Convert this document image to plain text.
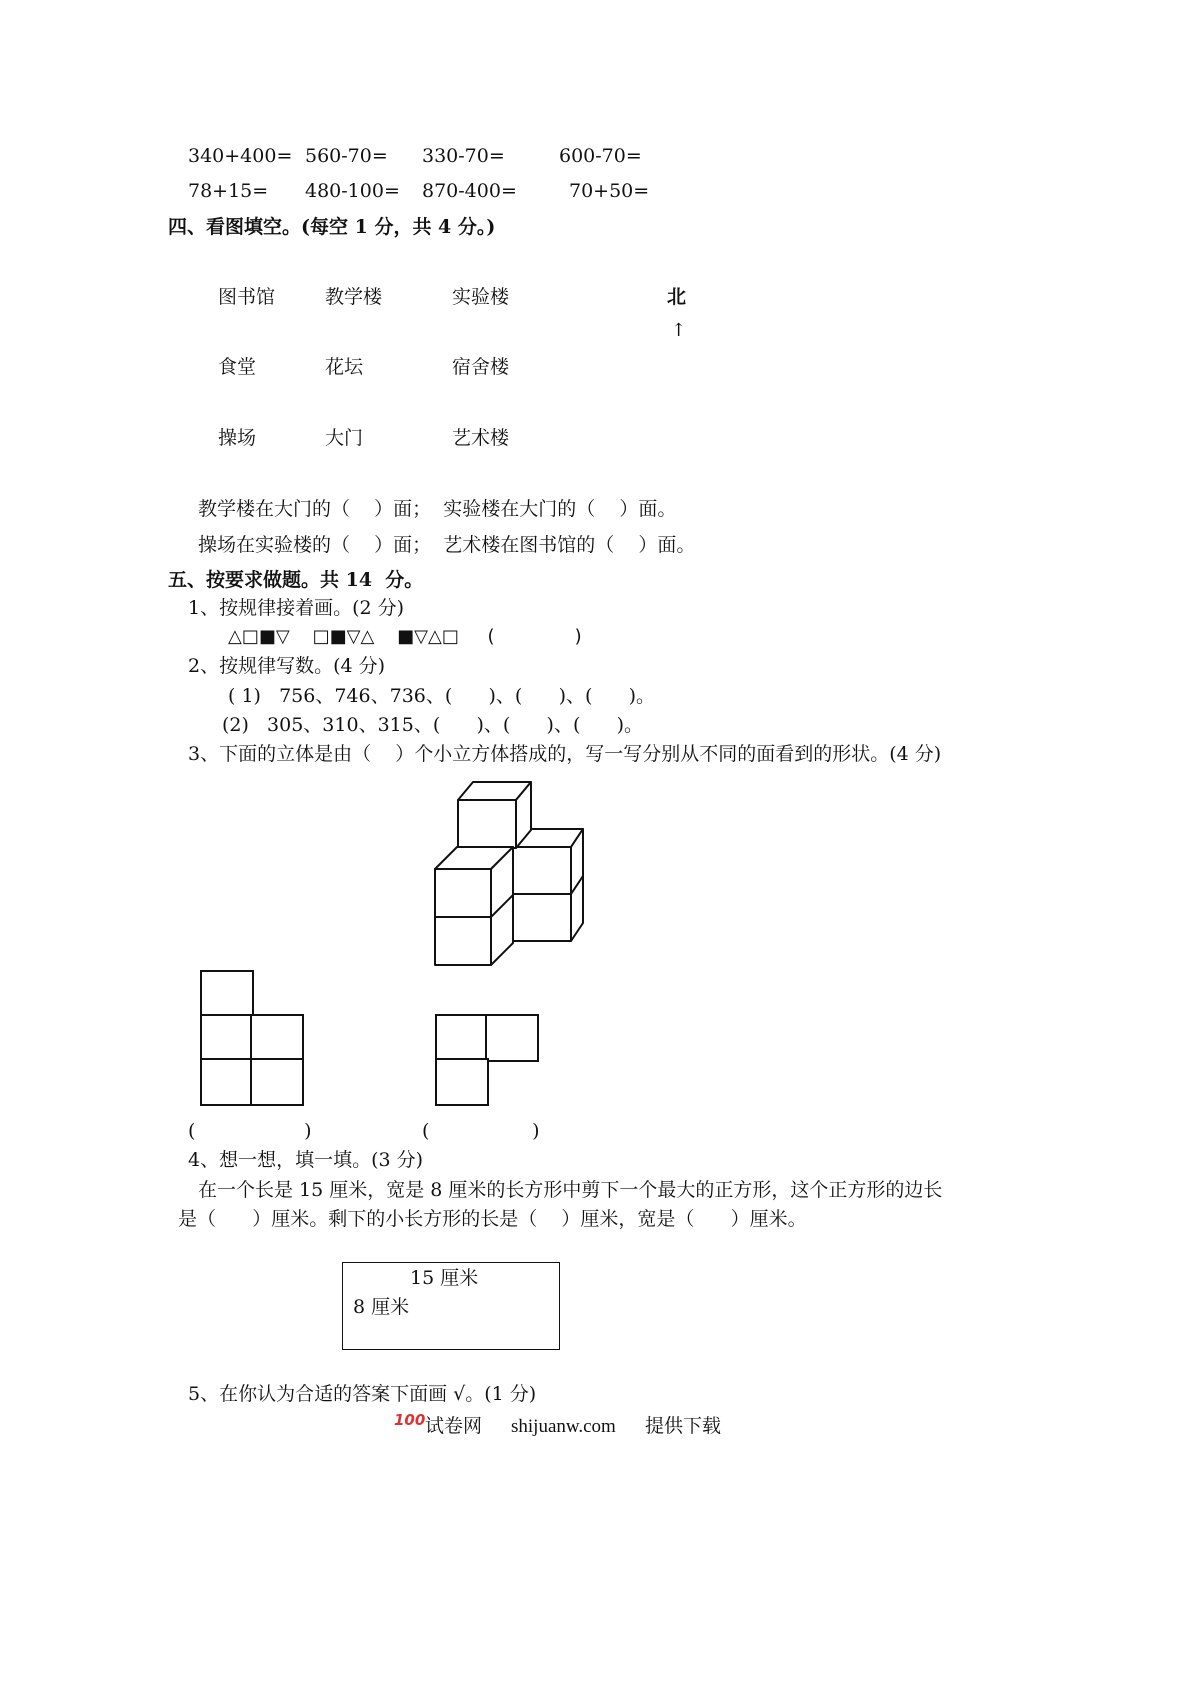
340+400= 560-70= 330-70=	600-70=
78+15= 480-100= 870-400=	70+50=
四、看图填空。(每空 1 分，共 4 分。)
图书馆	教学楼	实验楼	北
↑
食堂	花坛	宿舍楼
操场	大门	艺术楼
教学楼在大门的（    ）面；  实验楼在大门的（    ）面。
操场在实验楼的（    ）面；  艺术楼在图书馆的（    ）面。
五、按要求做题。共 14  分。
1、按规律接着画。(2 分)
△□■▽    □■▽△    ■▽△□     (              )
2、按规律写数。(4 分)
( 1)   756、746、736、(      )、(      )、(      )。
(2)   305、310、315、(      )、(      )、(      )。
3、下面的立体是由（    ）个小立方体搭成的，写一写分别从不同的面看到的形状。(4 分)
(                  )	(                 )
4、想一想，填一填。(3 分)
在一个长是 15 厘米，宽是 8 厘米的长方形中剪下一个最大的正方形，这个正方形的边长
是（      ）厘米。剩下的小长方形的长是（    ）厘米，宽是（      ）厘米。
15 厘米
8 厘米
5、在你认为合适的答案下面画 √。(1 分)
100 试卷网 shijuanw.com 提供下载
